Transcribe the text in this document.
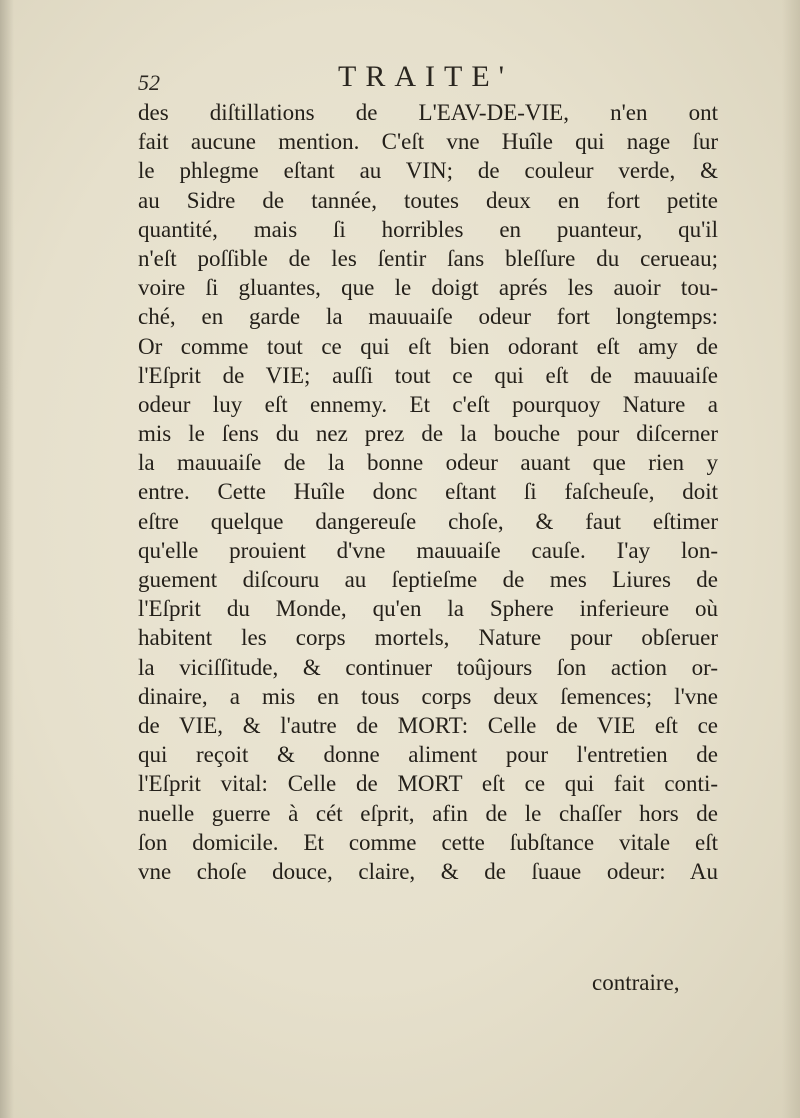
52	TRAITE'
des diſtillations de L'EAV-DE-VIE, n'en ont
fait aucune mention. C'eſt vne Huîle qui nage ſur
le phlegme eſtant au VIN; de couleur verde, &
au Sidre de tannée, toutes deux en fort petite
quantité, mais ſi horribles en puanteur, qu'il
n'eſt poſſible de les ſentir ſans bleſſure du cerueau;
voire ſi gluantes, que le doigt aprés les auoir tou-
ché, en garde la mauuaiſe odeur fort longtemps:
Or comme tout ce qui eſt bien odorant eſt amy de
l'Eſprit de VIE; auſſi tout ce qui eſt de mauuaiſe
odeur luy eſt ennemy. Et c'eſt pourquoy Nature a
mis le ſens du nez prez de la bouche pour diſcerner
la mauuaiſe de la bonne odeur auant que rien y
entre. Cette Huîle donc eſtant ſi faſcheuſe, doit
eſtre quelque dangereuſe choſe, & faut eſtimer
qu'elle prouient d'vne mauuaiſe cauſe. I'ay lon-
guement diſcouru au ſeptieſme de mes Liures de
l'Eſprit du Monde, qu'en la Sphere inferieure où
habitent les corps mortels, Nature pour obſeruer
la viciſſitude, & continuer toûjours ſon action or-
dinaire, a mis en tous corps deux ſemences; l'vne
de VIE, & l'autre de MORT: Celle de VIE eſt ce
qui reçoit & donne aliment pour l'entretien de
l'Eſprit vital: Celle de MORT eſt ce qui fait conti-
nuelle guerre à cét eſprit, afin de le chaſſer hors de
ſon domicile. Et comme cette ſubſtance vitale eſt
vne choſe douce, claire, & de ſuaue odeur: Au
contraire,
